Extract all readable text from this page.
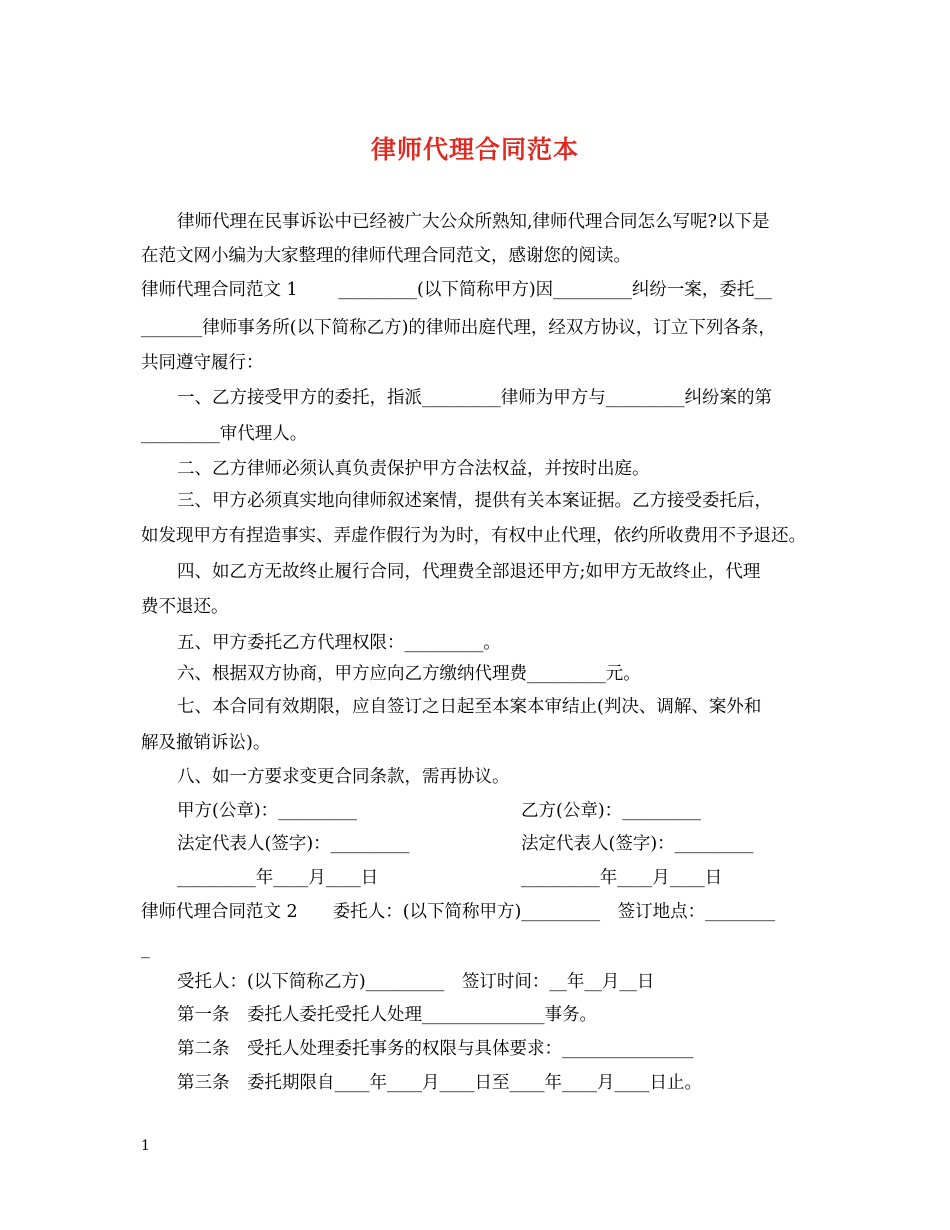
律师代理合同范本
律师代理在民事诉讼中已经被广大公众所熟知,律师代理合同怎么写呢?以下是
在范文网小编为大家整理的律师代理合同范文，感谢您的阅读。
律师代理合同范文 1　　 _________(以下简称甲方)因_________纠纷一案，委托__
_______律师事务所(以下简称乙方)的律师出庭代理，经双方协议，订立下列各条，
共同遵守履行：
一、乙方接受甲方的委托，指派_________律师为甲方与_________纠纷案的第
_________审代理人。
二、乙方律师必须认真负责保护甲方合法权益，并按时出庭。
三、甲方必须真实地向律师叙述案情，提供有关本案证据。乙方接受委托后，
如发现甲方有捏造事实、弄虚作假行为为时，有权中止代理，依约所收费用不予退还。
四、如乙方无故终止履行合同，代理费全部退还甲方;如甲方无故终止，代理
费不退还。
五、甲方委托乙方代理权限：_________。
六、根据双方协商，甲方应向乙方缴纳代理费_________元。
七、本合同有效期限，应自签订之日起至本案本审结止(判决、调解、案外和
解及撤销诉讼)。
八、如一方要求变更合同条款，需再协议。
甲方(公章)：_________	乙方(公章)：_________
法定代表人(签字)：_________	法定代表人(签字)：_________
_________年____月____日	_________年____月____日
律师代理合同范文 2　　委托人：(以下简称甲方)_________　签订地点：________
_
受托人：(以下简称乙方)_________　签订时间：__年__月__日
第一条　委托人委托受托人处理______________事务。
第二条　受托人处理委托事务的权限与具体要求：_______________
第三条　委托期限自____年____月____日至____年____月____日止。
1
